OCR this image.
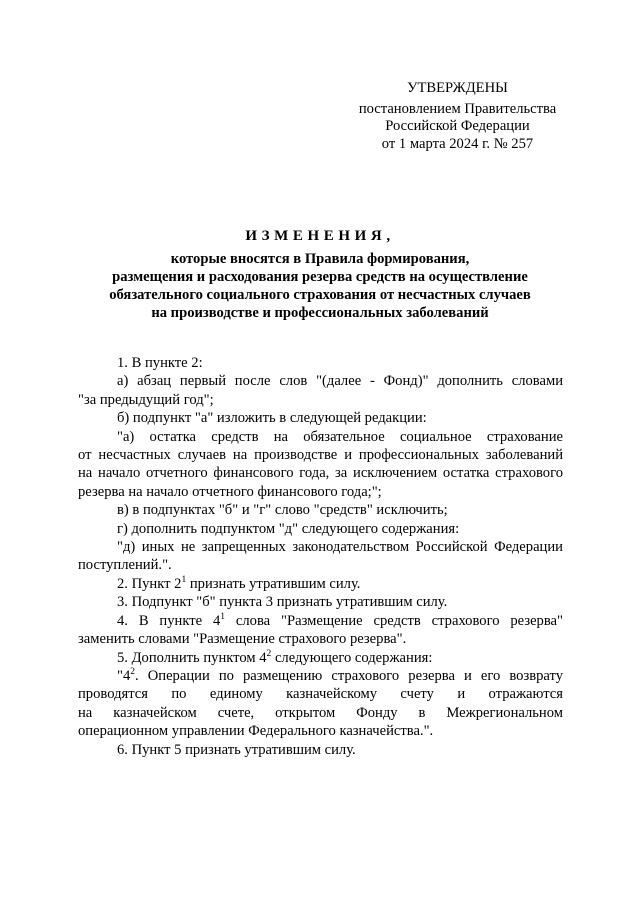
УТВЕРЖДЕНЫ
постановлением Правительства
Российской Федерации
от 1 марта 2024 г. № 257
ИЗМЕНЕНИЯ,
которые вносятся в Правила формирования,
размещения и расходования резерва средств на осуществление
обязательного социального страхования от несчастных случаев
на производстве и профессиональных заболеваний
1. В пункте 2:
а) абзац первый после слов "(далее - Фонд)" дополнить словами
"за предыдущий год";
б) подпункт "а" изложить в следующей редакции:
"а) остатка средств на обязательное социальное страхование
от несчастных случаев на производстве и профессиональных заболеваний
на начало отчетного финансового года, за исключением остатка страхового
резерва на начало отчетного финансового года;";
в) в подпунктах "б" и "г" слово "средств" исключить;
г) дополнить подпунктом "д" следующего содержания:
"д) иных не запрещенных законодательством Российской Федерации
поступлений.".
2. Пункт $2^1$ признать утратившим силу.
3. Подпункт "б" пункта 3 признать утратившим силу.
4. В пункте $4^1$ слова "Размещение средств страхового резерва"
заменить словами "Размещение страхового резерва".
5. Дополнить пунктом $4^2$ следующего содержания:
"$4^2$. Операции по размещению страхового резерва и его возврату
проводятся по единому казначейскому счету и отражаются
на казначейском счете, открытом Фонду в Межрегиональном
операционном управлении Федерального казначейства.".
6. Пункт 5 признать утратившим силу.
